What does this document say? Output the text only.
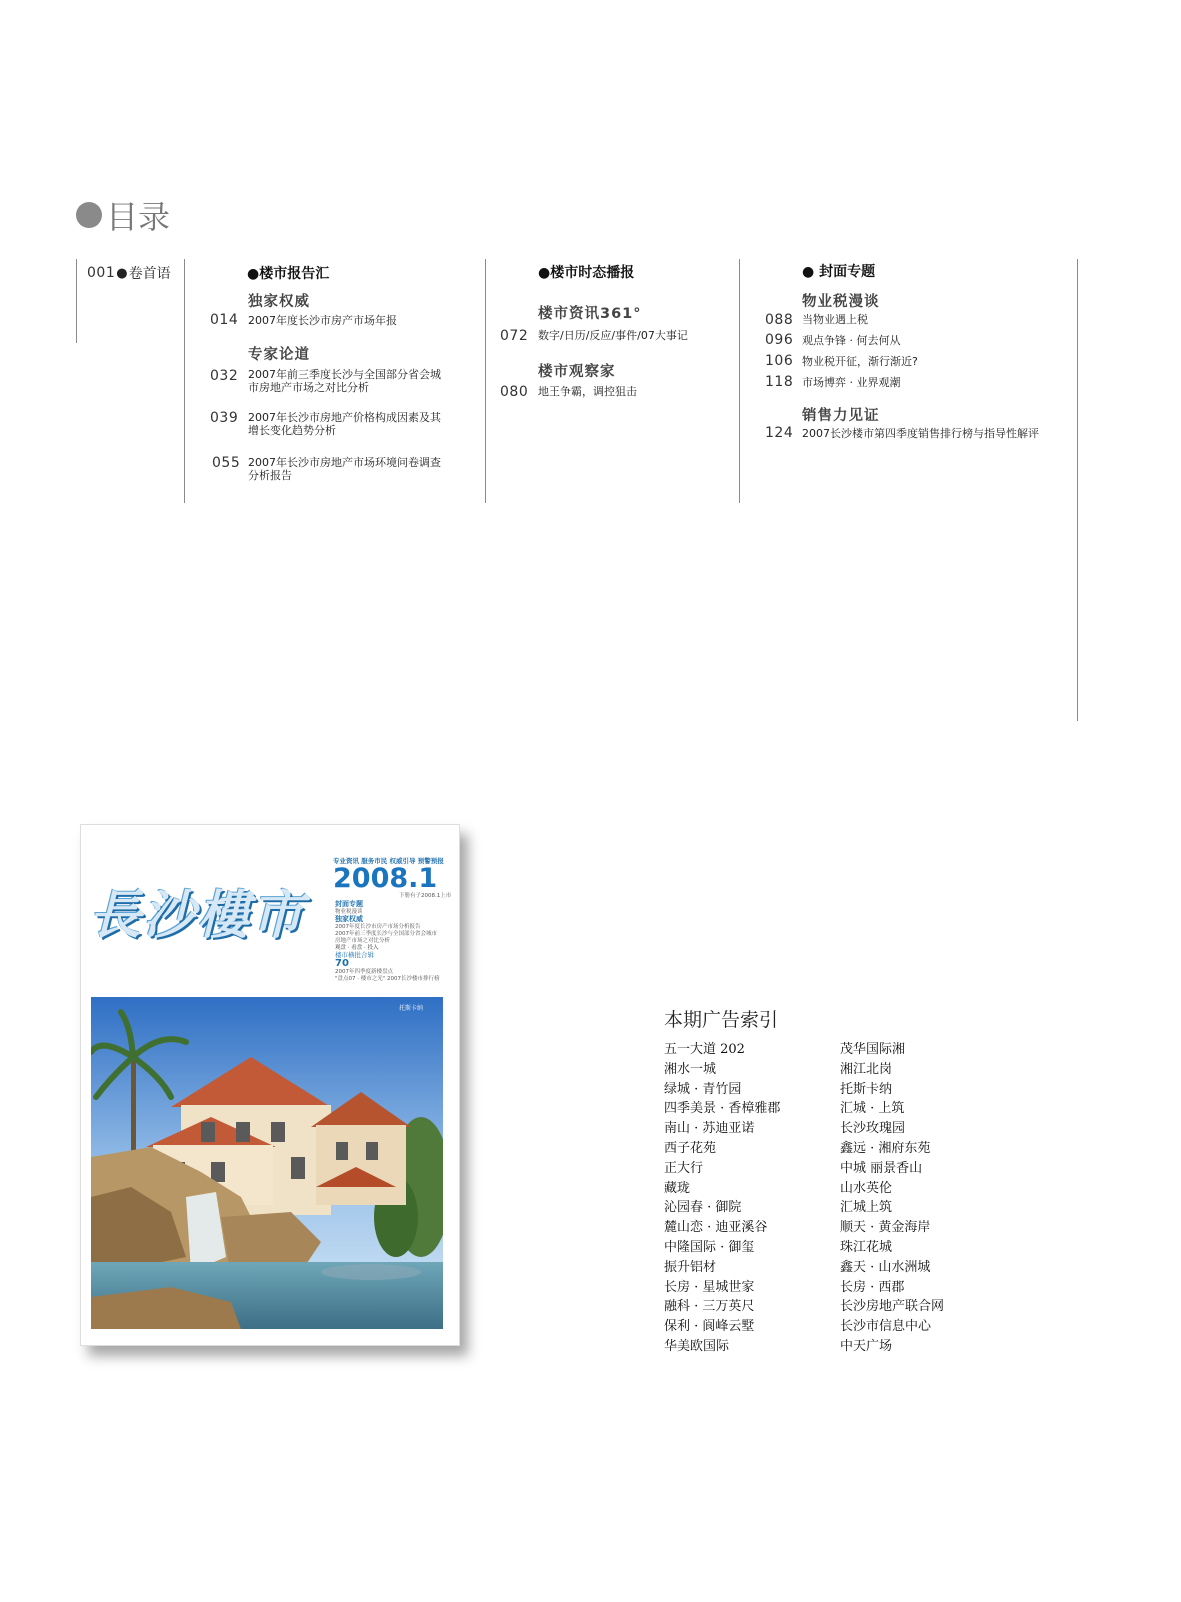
目录
001 ● 卷首语	●楼市报告汇
独家权威
014 2007年度长沙市房产市场年报
专家论道
032 2007年前三季度长沙与全国部分省会城
市房地产市场之对比分析
039 2007年长沙市房地产价格构成因素及其
增长变化趋势分析
055 2007年长沙市房地产市场环境问卷调查
分析报告
●楼市时态播报
楼市资讯361°
072 数字/日历/反应/事件/07大事记
楼市观察家
080 地王争霸，调控狙击
● 封面专题
物业税漫谈
088 当物业遇上税
096 观点争锋 · 何去何从
106 物业税开征，渐行渐近?
118 市场博弈 · 业界观潮
销售力见证
124 2007长沙楼市第四季度销售排行榜与指导性解评
長沙樓市
专业资讯 服务市民 权威引导 预警预报
2008.1
下册有子2008.1上市
封面专题
物业税漫谈
独家权威
2007年度长沙市房产市场分析报告
2007年前三季度长沙与全国部分省会城市
房地产市场之对比分析
观盘 · 看盘 · 投入
楼市横批合辑
70
2007年四季度新楼盘点
"盘点07 · 楼市之光" 2007长沙楼市排行榜
托斯卡纳
本期广告索引
五一大道 202
湘水一城
绿城 · 青竹园
四季美景 · 香樟雅郡
南山 · 苏迪亚诺
西子花苑
正大行
藏珑
沁园春 · 御院
麓山恋 · 迪亚溪谷
中隆国际 · 御玺
振升铝材
长房 · 星城世家
融科 · 三万英尺
保利 · 阆峰云墅
华美欧国际
茂华国际湘
湘江北岗
托斯卡纳
汇城 · 上筑
长沙玫瑰园
鑫远 · 湘府东苑
中城 丽景香山
山水英伦
汇城上筑
顺天 · 黄金海岸
珠江花城
鑫天 · 山水洲城
长房 · 西郡
长沙房地产联合网
长沙市信息中心
中天广场
